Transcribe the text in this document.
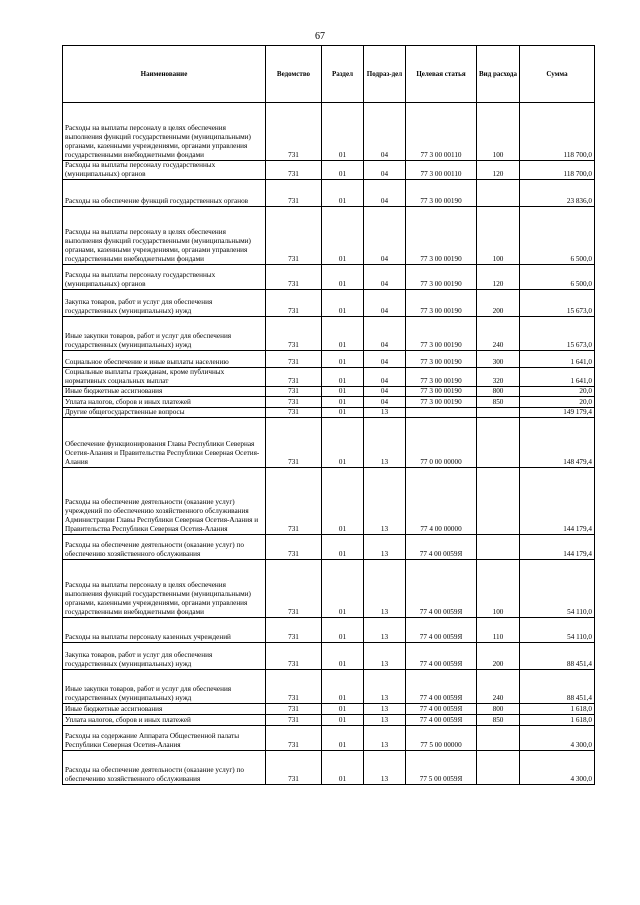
67
Наименование	Ведомство	Раздел	Подраз-дел	Целевая статья	Вид расхода	Сумма
Расходы на выплаты персоналу в целях обеспечения выполнения функций государственными (муниципальными) органами, казенными учреждениями, органами управления государственными внебюджетными фондами	731	01	04	77 3 00 00110	100	118 700,0
Расходы на выплаты персоналу государственных (муниципальных) органов	731	01	04	77 3 00 00110	120	118 700,0
Расходы на обеспечение функций государственных органов	731	01	04	77 3 00 00190		23 836,0
Расходы на выплаты персоналу в целях обеспечения выполнения функций государственными (муниципальными) органами, казенными учреждениями, органами управления государственными внебюджетными фондами	731	01	04	77 3 00 00190	100	6 500,0
Расходы на выплаты персоналу государственных (муниципальных) органов	731	01	04	77 3 00 00190	120	6 500,0
Закупка товаров, работ и услуг для обеспечения государственных (муниципальных) нужд	731	01	04	77 3 00 00190	200	15 673,0
Иные закупки товаров, работ и услуг для обеспечения государственных (муниципальных) нужд	731	01	04	77 3 00 00190	240	15 673,0
Социальное обеспечение и иные выплаты населению	731	01	04	77 3 00 00190	300	1 641,0
Социальные выплаты гражданам, кроме публичных нормативных социальных выплат	731	01	04	77 3 00 00190	320	1 641,0
Иные бюджетные ассигнования	731	01	04	77 3 00 00190	800	20,0
Уплата налогов, сборов и иных платежей	731	01	04	77 3 00 00190	850	20,0
Другие общегосударственные вопросы	731	01	13			149 179,4
Обеспечение функционирования Главы Республики Северная Осетия-Алания и Правительства Республики Северная Осетия-Алания	731	01	13	77 0 00 00000		148 479,4
Расходы на обеспечение деятельности (оказание услуг) учреждений по обеспечению хозяйственного обслуживания Администрации Главы Республики Северная Осетия-Алания и Правительства Республики Северная Осетия-Алания	731	01	13	77 4 00 00000		144 179,4
Расходы на обеспечение деятельности (оказание услуг) по обеспечению хозяйственного обслуживания	731	01	13	77 4 00 0059Я		144 179,4
Расходы на выплаты персоналу в целях обеспечения выполнения функций государственными (муниципальными) органами, казенными учреждениями, органами управления государственными внебюджетными фондами	731	01	13	77 4 00 0059Я	100	54 110,0
Расходы на выплаты персоналу казенных учреждений	731	01	13	77 4 00 0059Я	110	54 110,0
Закупка товаров, работ и услуг для обеспечения государственных (муниципальных) нужд	731	01	13	77 4 00 0059Я	200	88 451,4
Иные закупки товаров, работ и услуг для обеспечения государственных (муниципальных) нужд	731	01	13	77 4 00 0059Я	240	88 451,4
Иные бюджетные ассигнования	731	01	13	77 4 00 0059Я	800	1 618,0
Уплата налогов, сборов и иных платежей	731	01	13	77 4 00 0059Я	850	1 618,0
Расходы на содержание Аппарата Общественной палаты Республики Северная Осетия-Алания	731	01	13	77 5 00 00000		4 300,0
Расходы на обеспечение деятельности (оказание услуг) по обеспечению хозяйственного обслуживания	731	01	13	77 5 00 0059Я		4 300,0
